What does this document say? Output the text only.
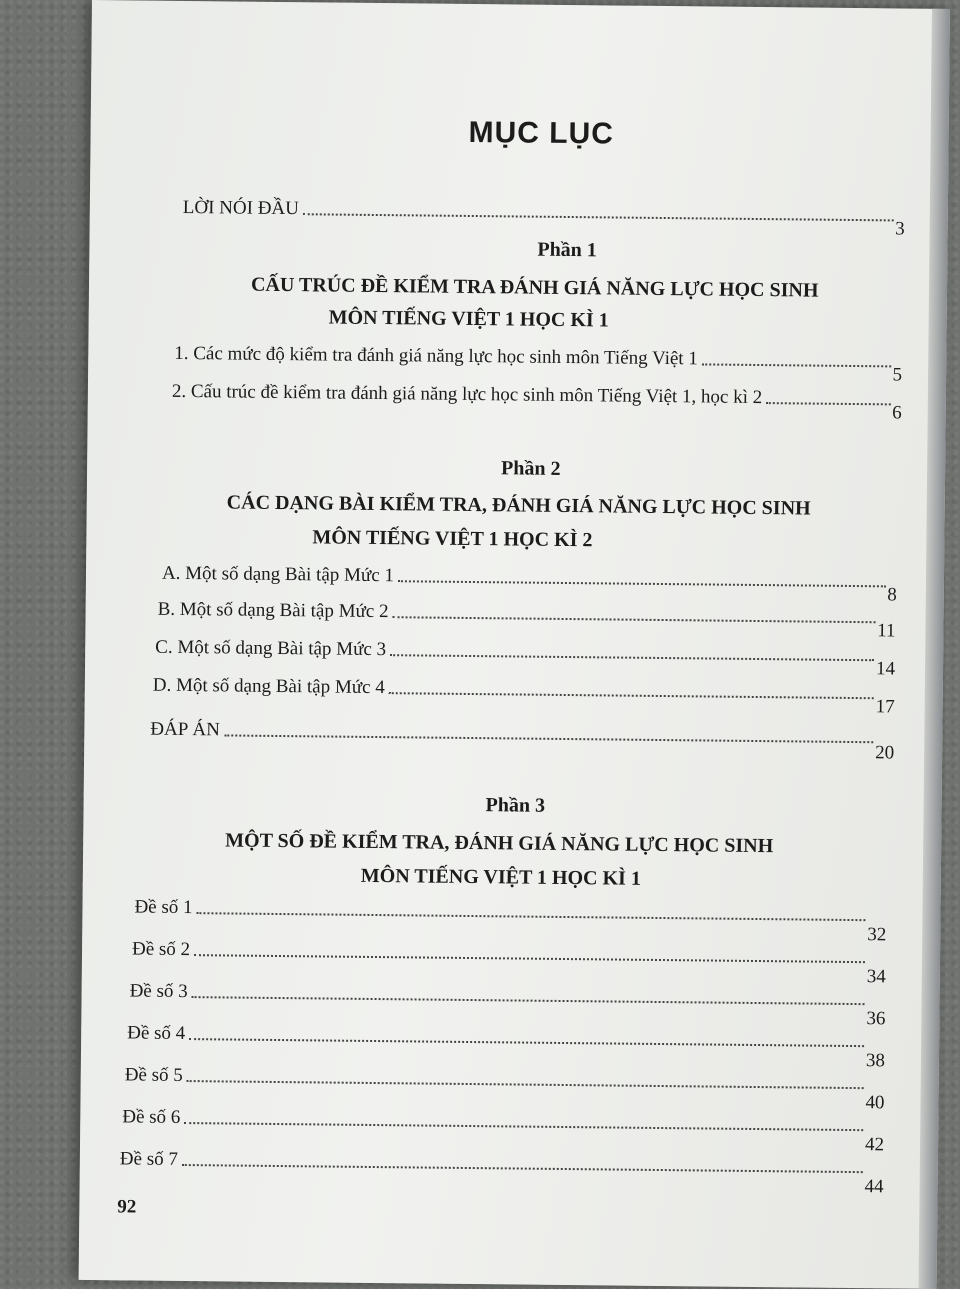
MỤC LỤC
LỜI NÓI ĐẦU
3
Phần 1
CẤU TRÚC ĐỀ KIỂM TRA ĐÁNH GIÁ NĂNG LỰC HỌC SINH
MÔN TIẾNG VIỆT 1 HỌC KÌ 1
1. Các mức độ kiểm tra đánh giá năng lực học sinh môn Tiếng Việt 1
5
2. Cấu trúc đề kiểm tra đánh giá năng lực học sinh môn Tiếng Việt 1, học kì 2
6
Phần 2
CÁC DẠNG BÀI KIỂM TRA, ĐÁNH GIÁ NĂNG LỰC HỌC SINH
MÔN TIẾNG VIỆT 1 HỌC KÌ 2
A. Một số dạng Bài tập Mức 1
8
B. Một số dạng Bài tập Mức 2
11
C. Một số dạng Bài tập Mức 3
14
D. Một số dạng Bài tập Mức 4
17
ĐÁP ÁN
20
Phần 3
MỘT SỐ ĐỀ KIỂM TRA, ĐÁNH GIÁ NĂNG LỰC HỌC SINH
MÔN TIẾNG VIỆT 1 HỌC KÌ 1
Đề số 1
32
Đề số 2
34
Đề số 3
36
Đề số 4
38
Đề số 5
40
Đề số 6
42
Đề số 7
44
92
